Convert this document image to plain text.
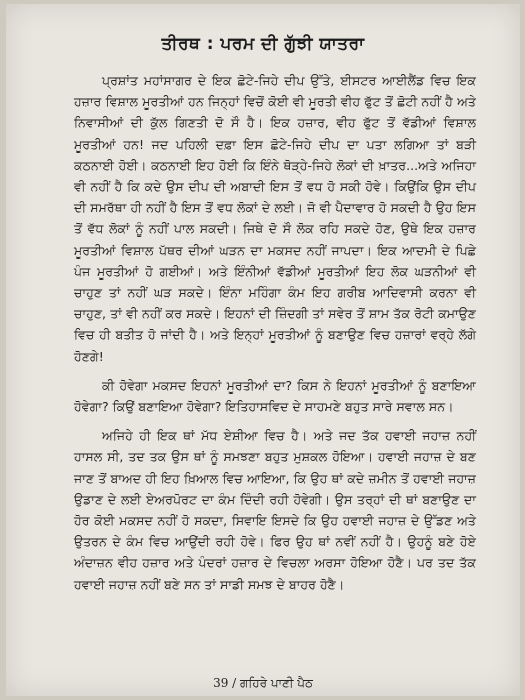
ਤੀਰਥ : ਪਰਮ ਦੀ ਗੁੱਝੀ ਯਾਤਰਾ

ਪ੍ਰਸ਼ਾਂਤ ਮਹਾਂਸਾਗਰ ਦੇ ਇਕ ਛੋਟੇ-ਜਿਹੇ ਦੀਪ ਉੱਤੇ, ਈਸਟਰ ਆਈਲੈਂਡ ਵਿਚ ਇਕ ਹਜ਼ਾਰ ਵਿਸ਼ਾਲ ਮੂਰਤੀਆਂ ਹਨ ਜਿਨ੍ਹਾਂ ਵਿਚੋਂ ਕੋਈ ਵੀ ਮੂਰਤੀ ਵੀਹ ਫੁੱਟ ਤੋਂ ਛੋਟੀ ਨਹੀਂ ਹੈ ਅਤੇ ਨਿਵਾਸੀਆਂ ਦੀ ਕੁੱਲ ਗਿਣਤੀ ਦੋ ਸੌ ਹੈ। ਇਕ ਹਜ਼ਾਰ, ਵੀਹ ਫੁੱਟ ਤੋਂ ਵੱਡੀਆਂ ਵਿਸ਼ਾਲ ਮੂਰਤੀਆਂ ਹਨ! ਜਦ ਪਹਿਲੀ ਦਫ਼ਾ ਇਸ ਛੋਟੇ-ਜਿਹੇ ਦੀਪ ਦਾ ਪਤਾ ਲਗਿਆ ਤਾਂ ਬੜੀ ਕਠਨਾਈ ਹੋਈ। ਕਠਨਾਈ ਇਹ ਹੋਈ ਕਿ ਇੰਨੇ ਥੋੜ੍ਹੇ-ਜਿਹੇ ਲੋਕਾਂ ਦੀ ਖ਼ਾਤਰ...ਅਤੇ ਅਜਿਹਾ ਵੀ ਨਹੀਂ ਹੈ ਕਿ ਕਦੇ ਉਸ ਦੀਪ ਦੀ ਅਬਾਦੀ ਇਸ ਤੋਂ ਵਧ ਹੋ ਸਕੀ ਹੋਵੇ। ਕਿਉਂਕਿ ਉਸ ਦੀਪ ਦੀ ਸਮਰੱਥਾ ਹੀ ਨਹੀਂ ਹੈ ਇਸ ਤੋਂ ਵਧ ਲੋਕਾਂ ਦੇ ਲਈ। ਜੋ ਵੀ ਪੈਦਾਵਾਰ ਹੋ ਸਕਦੀ ਹੈ ਉਹ ਇਸ ਤੋਂ ਵੱਧ ਲੋਕਾਂ ਨੂੰ ਨਹੀਂ ਪਾਲ ਸਕਦੀ। ਜਿਥੇ ਦੋ ਸੌ ਲੋਕ ਰਹਿ ਸਕਦੇ ਹੋਣ, ਉਥੇ ਇਕ ਹਜ਼ਾਰ ਮੂਰਤੀਆਂ ਵਿਸ਼ਾਲ ਪੱਥਰ ਦੀਆਂ ਘੜਨ ਦਾ ਮਕਸਦ ਨਹੀਂ ਜਾਪਦਾ। ਇਕ ਆਦਮੀ ਦੇ ਪਿਛੇ ਪੰਜ ਮੂਰਤੀਆਂ ਹੋ ਗਈਆਂ। ਅਤੇ ਇੰਨੀਆਂ ਵੱਡੀਆਂ ਮੂਰਤੀਆਂ ਇਹ ਲੋਕ ਘੜਨੀਆਂ ਵੀ ਚਾਹੁਣ ਤਾਂ ਨਹੀਂ ਘੜ ਸਕਦੇ। ਇੰਨਾ ਮਹਿੰਗਾ ਕੰਮ ਇਹ ਗਰੀਬ ਆਦਿਵਾਸੀ ਕਰਨਾ ਵੀ ਚਾਹੁਣ, ਤਾਂ ਵੀ ਨਹੀਂ ਕਰ ਸਕਦੇ। ਇਹਨਾਂ ਦੀ ਜ਼ਿੰਦਗੀ ਤਾਂ ਸਵੇਰ ਤੋਂ ਸ਼ਾਮ ਤੱਕ ਰੋਟੀ ਕਮਾਉਣ ਵਿਚ ਹੀ ਬਤੀਤ ਹੋ ਜਾਂਦੀ ਹੈ। ਅਤੇ ਇਨ੍ਹਾਂ ਮੂਰਤੀਆਂ ਨੂੰ ਬਣਾਉਣ ਵਿਚ ਹਜ਼ਾਰਾਂ ਵਰ੍ਹੇ ਲੱਗੇ ਹੋਣਗੇ!

ਕੀ ਹੋਵੇਗਾ ਮਕਸਦ ਇਹਨਾਂ ਮੂਰਤੀਆਂ ਦਾ? ਕਿਸ ਨੇ ਇਹਨਾਂ ਮੂਰਤੀਆਂ ਨੂੰ ਬਣਾਇਆ ਹੋਵੇਗਾ? ਕਿਉਂ ਬਣਾਇਆ ਹੋਵੇਗਾ? ਇਤਿਹਾਸਵਿਦ ਦੇ ਸਾਹਮਣੇ ਬਹੁਤ ਸਾਰੇ ਸਵਾਲ ਸਨ।

ਅਜਿਹੇ ਹੀ ਇਕ ਥਾਂ ਮੱਧ ਏਸ਼ੀਆ ਵਿਚ ਹੈ। ਅਤੇ ਜਦ ਤੱਕ ਹਵਾਈ ਜਹਾਜ਼ ਨਹੀਂ ਹਾਸਲ ਸੀ, ਤਦ ਤਕ ਉਸ ਥਾਂ ਨੂੰ ਸਮਝਣਾ ਬਹੁਤ ਮੁਸ਼ਕਲ ਹੋਇਆ। ਹਵਾਈ ਜਹਾਜ਼ ਦੇ ਬਣ ਜਾਣ ਤੋਂ ਬਾਅਦ ਹੀ ਇਹ ਖ਼ਿਆਲ ਵਿਚ ਆਇਆ, ਕਿ ਉਹ ਥਾਂ ਕਦੇ ਜ਼ਮੀਨ ਤੋਂ ਹਵਾਈ ਜਹਾਜ਼ ਉਡਾਣ ਦੇ ਲਈ ਏਅਰਪੋਰਟ ਦਾ ਕੰਮ ਦਿੰਦੀ ਰਹੀ ਹੋਵੇਗੀ। ਉਸ ਤਰ੍ਹਾਂ ਦੀ ਥਾਂ ਬਣਾਉਣ ਦਾ ਹੋਰ ਕੋਈ ਮਕਸਦ ਨਹੀਂ ਹੋ ਸਕਦਾ, ਸਿਵਾਇ ਇਸਦੇ ਕਿ ਉਹ ਹਵਾਈ ਜਹਾਜ਼ ਦੇ ਉੱਡਣ ਅਤੇ ਉਤਰਨ ਦੇ ਕੰਮ ਵਿਚ ਆਉਂਦੀ ਰਹੀ ਹੋਵੇ। ਫਿਰ ਉਹ ਥਾਂ ਨਵੀਂ ਨਹੀਂ ਹੈ। ਉਹਨੂੰ ਬਣੇ ਹੋਏ ਅੰਦਾਜ਼ਨ ਵੀਹ ਹਜ਼ਾਰ ਅਤੇ ਪੰਦਰਾਂ ਹਜ਼ਾਰ ਦੇ ਵਿਚਲਾ ਅਰਸਾ ਹੋਇਆ ਹੋਣੈ। ਪਰ ਤਦ ਤੱਕ ਹਵਾਈ ਜਹਾਜ਼ ਨਹੀਂ ਬਣੇ ਸਨ ਤਾਂ ਸਾਡੀ ਸਮਝ ਦੇ ਬਾਹਰ ਹੋਣੈ।

39 / ਗਹਿਰੇ ਪਾਣੀ ਪੈਠ
